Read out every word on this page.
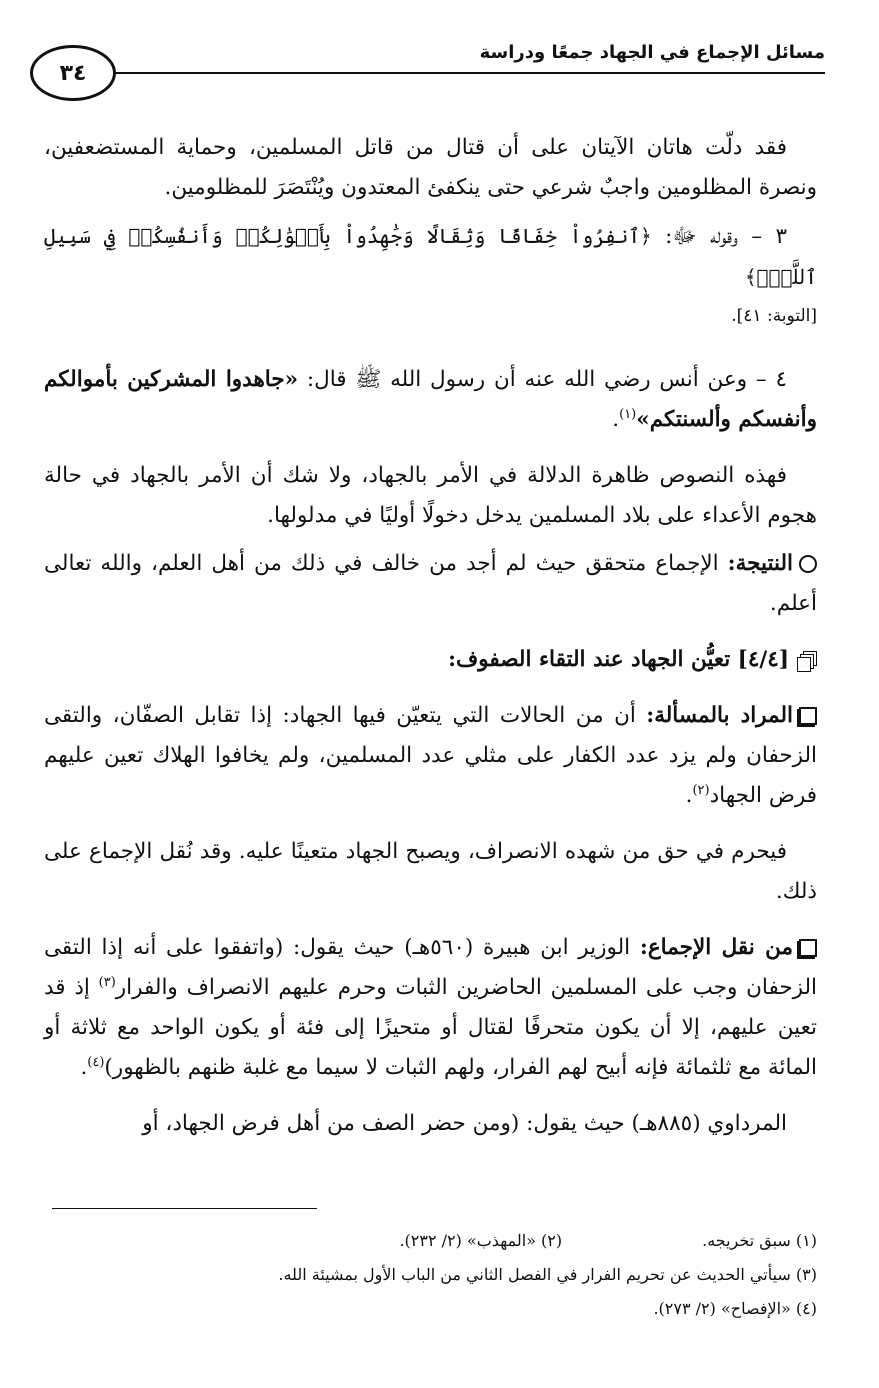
مسائل الإجماع في الجهاد جمعًا ودراسة
٣٤

فقد دلّت هاتان الآيتان على أن قتال من قاتل المسلمين، وحماية المستضعفين، ونصرة المظلومين واجبٌ شرعي حتى ينكفئ المعتدون ويُنْتَصَرَ للمظلومين.

٣ – وقوله ﷻ: ﴿ٱنفِرُواْ خِفَافًا وَثِقَالًا وَجَٰهِدُواْ بِأَمۡوَٰلِكُمۡ وَأَنفُسِكُمۡ فِي سَبِيلِ ٱللَّهِۚ﴾

[التوبة: ٤١].

٤ – وعن أنس رضي الله عنه أن رسول الله ﷺ قال: «جاهدوا المشركين بأموالكم وأنفسكم وألسنتكم»$^{(١)}$.

فهذه النصوص ظاهرة الدلالة في الأمر بالجهاد، ولا شك أن الأمر بالجهاد في حالة هجوم الأعداء على بلاد المسلمين يدخل دخولًا أوليًا في مدلولها.

النتيجة: الإجماع متحقق حيث لم أجد من خالف في ذلك من أهل العلم، والله تعالى أعلم.

[٤/٤] تعيُّن الجهاد عند التقاء الصفوف:

المراد بالمسألة: أن من الحالات التي يتعيّن فيها الجهاد: إذا تقابل الصفّان، والتقى الزحفان ولم يزد عدد الكفار على مثلي عدد المسلمين، ولم يخافوا الهلاك تعين عليهم فرض الجهاد$^{(٢)}$.

فيحرم في حق من شهده الانصراف، ويصبح الجهاد متعينًا عليه. وقد نُقل الإجماع على ذلك.

من نقل الإجماع: الوزير ابن هبيرة (٥٦٠هـ) حيث يقول: (واتفقوا على أنه إذا التقى الزحفان وجب على المسلمين الحاضرين الثبات وحرم عليهم الانصراف والفرار$^{(٣)}$ إذ قد تعين عليهم، إلا أن يكون متحرفًا لقتال أو متحيزًا إلى فئة أو يكون الواحد مع ثلاثة أو المائة مع ثلثمائة فإنه أبيح لهم الفرار، ولهم الثبات لا سيما مع غلبة ظنهم بالظهور)$^{(٤)}$.

المرداوي (٨٨٥هـ) حيث يقول: (ومن حضر الصف من أهل فرض الجهاد، أو

(١) سبق تخريجه.
(٢) «المهذب» (٢/ ٢٣٢).
(٣) سيأتي الحديث عن تحريم الفرار في الفصل الثاني من الباب الأول بمشيئة الله.
(٤) «الإفصاح» (٢/ ٢٧٣).
